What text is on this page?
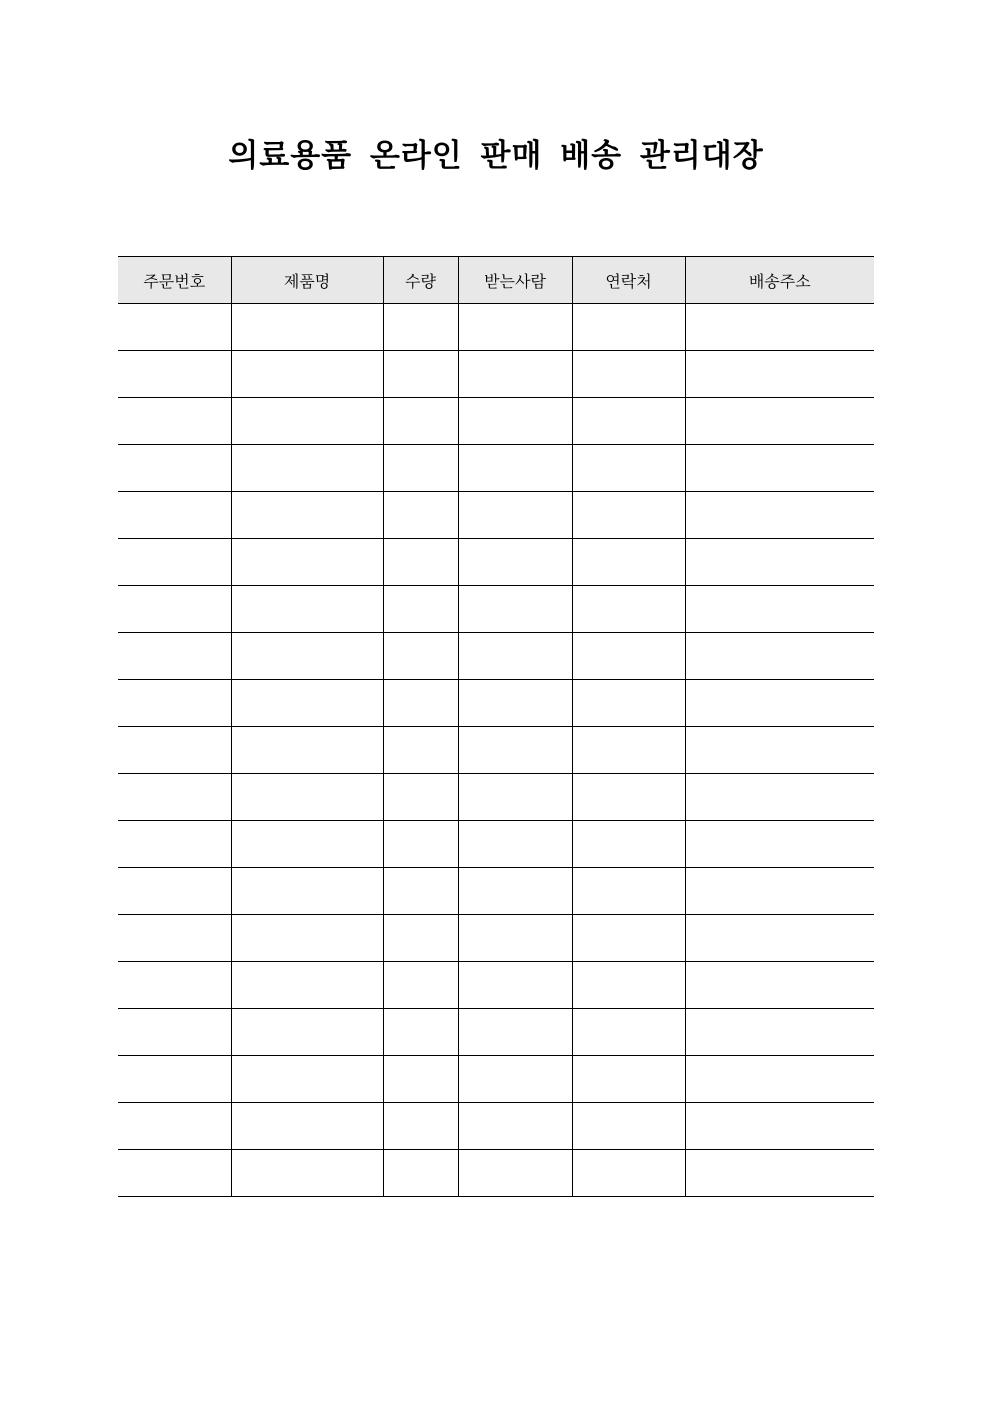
의료용품 온라인 판매 배송 관리대장
주문번호	제품명	수량	받는사람	연락처	배송주소
